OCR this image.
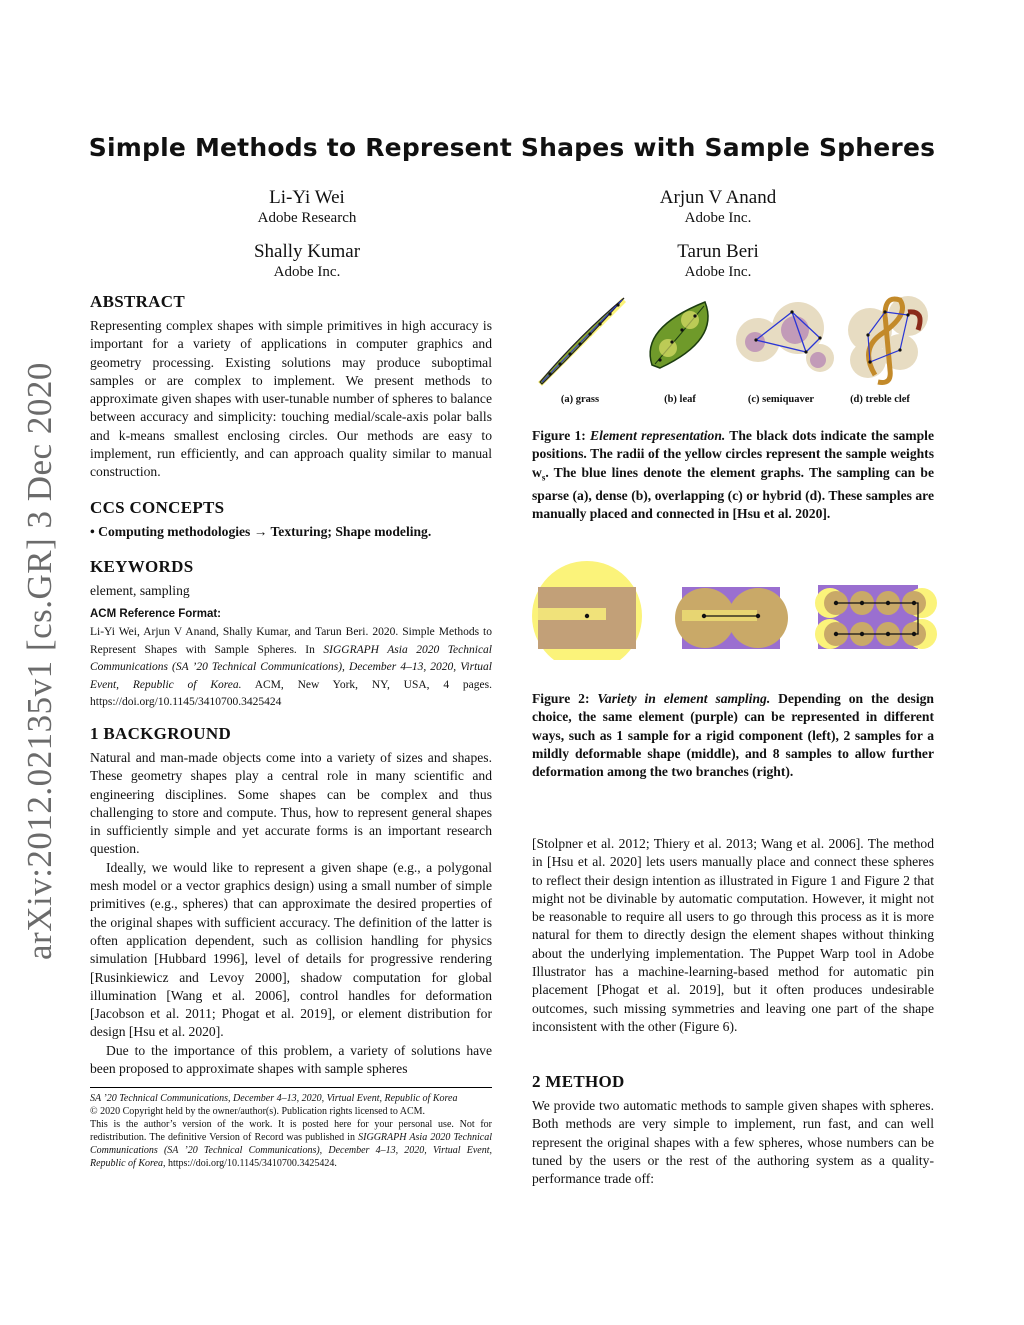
arXiv:2012.02135v1 [cs.GR] 3 Dec 2020
Simple Methods to Represent Shapes with Sample Spheres
Li-Yi Wei
Adobe Research
Arjun V Anand
Adobe Inc.
Shally Kumar
Adobe Inc.
Tarun Beri
Adobe Inc.
ABSTRACT
Representing complex shapes with simple primitives in high accuracy is important for a variety of applications in computer graphics and geometry processing. Existing solutions may produce suboptimal samples or are complex to implement. We present methods to approximate given shapes with user-tunable number of spheres to balance between accuracy and simplicity: touching medial/scale-axis polar balls and k-means smallest enclosing circles. Our methods are easy to implement, run efficiently, and can approach quality similar to manual construction.
CCS CONCEPTS
• Computing methodologies → Texturing; Shape modeling.
KEYWORDS
element, sampling
ACM Reference Format:
Li-Yi Wei, Arjun V Anand, Shally Kumar, and Tarun Beri. 2020. Simple Methods to Represent Shapes with Sample Spheres. In SIGGRAPH Asia 2020 Technical Communications (SA ’20 Technical Communications), December 4–13, 2020, Virtual Event, Republic of Korea. ACM, New York, NY, USA, 4 pages. https://doi.org/10.1145/3410700.3425424
1 BACKGROUND

Natural and man-made objects come into a variety of sizes and shapes. These geometry shapes play a central role in many scientific and engineering disciplines. Some shapes can be complex and thus challenging to store and compute. Thus, how to represent general shapes in sufficiently simple and yet accurate forms is an important research question.

Ideally, we would like to represent a given shape (e.g., a polygonal mesh model or a vector graphics design) using a small number of simple primitives (e.g., spheres) that can approximate the desired properties of the original shapes with sufficient accuracy. The definition of the latter is often application dependent, such as collision handling for physics simulation [Hubbard 1996], level of details for progressive rendering [Rusinkiewicz and Levoy 2000], shadow computation for global illumination [Wang et al. 2006], control handles for deformation [Jacobson et al. 2011; Phogat et al. 2019], or element distribution for design [Hsu et al. 2020].

Due to the importance of this problem, a variety of solutions have been proposed to approximate shapes with sample spheres

SA ’20 Technical Communications, December 4–13, 2020, Virtual Event, Republic of Korea
© 2020 Copyright held by the owner/author(s). Publication rights licensed to ACM.
This is the author’s version of the work. It is posted here for your personal use. Not for redistribution. The definitive Version of Record was published in SIGGRAPH Asia 2020 Technical Communications (SA ’20 Technical Communications), December 4–13, 2020, Virtual Event, Republic of Korea, https://doi.org/10.1145/3410700.3425424.
(a) grass	(b) leaf	(c) semiquaver	(d) treble clef
Figure 1: Element representation. The black dots indicate the sample positions. The radii of the yellow circles represent the sample weights $w_s$. The blue lines denote the element graphs. The sampling can be sparse (a), dense (b), overlapping (c) or hybrid (d). These samples are manually placed and connected in [Hsu et al. 2020].
Figure 2: Variety in element sampling. Depending on the design choice, the same element (purple) can be represented in different ways, such as 1 sample for a rigid component (left), 2 samples for a mildly deformable shape (middle), and 8 samples to allow further deformation among the two branches (right).
[Stolpner et al. 2012; Thiery et al. 2013; Wang et al. 2006]. The method in [Hsu et al. 2020] lets users manually place and connect these spheres to reflect their design intention as illustrated in Figure 1 and Figure 2 that might not be divinable by automatic computation. However, it might not be reasonable to require all users to go through this process as it is more natural for them to directly design the element shapes without thinking about the underlying implementation. The Puppet Warp tool in Adobe Illustrator has a machine-learning-based method for automatic pin placement [Phogat et al. 2019], but it often produces undesirable outcomes, such missing symmetries and leaving one part of the shape inconsistent with the other (Figure 6).
2 METHOD
We provide two automatic methods to sample given shapes with spheres. Both methods are very simple to implement, run fast, and can well represent the original shapes with a few spheres, whose numbers can be tuned by the users or the rest of the authoring system as a quality-performance trade off:
